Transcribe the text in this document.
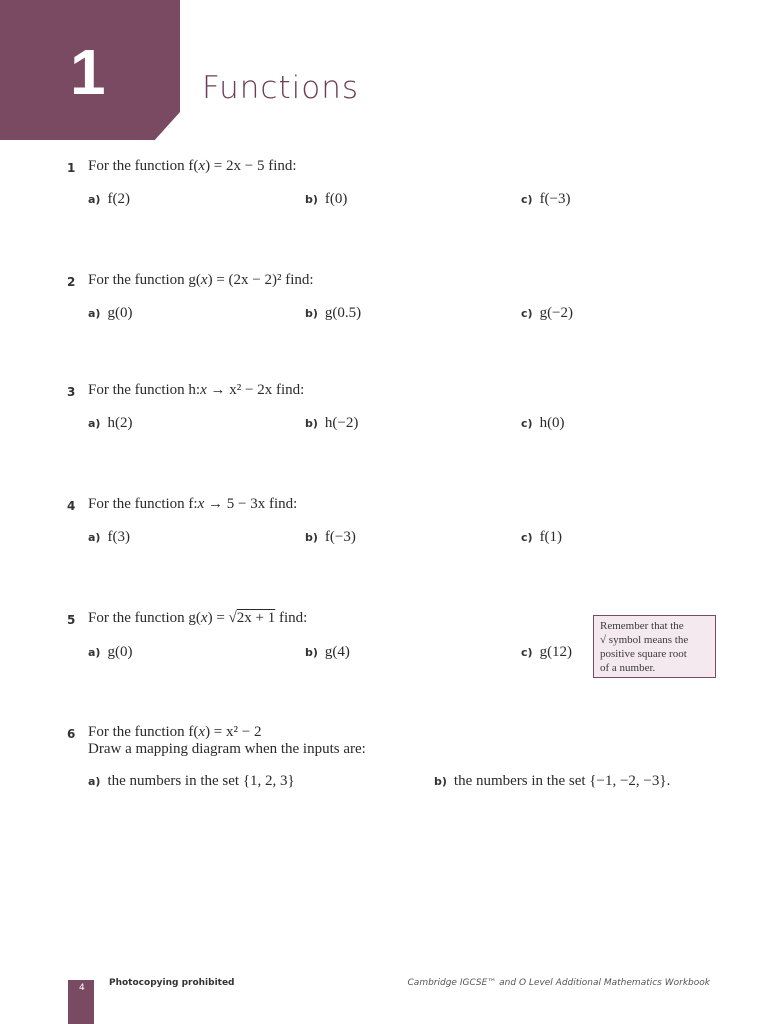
1	Functions
1 For the function f(x) = 2x − 5 find:
a) f(2)	b) f(0)	c) f(−3)
2 For the function g(x) = (2x − 2)² find:
a) g(0)	b) g(0.5)	c) g(−2)
3 For the function h:x → x² − 2x find:
a) h(2)	b) h(−2)	c) h(0)
4 For the function f:x → 5 − 3x find:
a) f(3)	b) f(−3)	c) f(1)
5 For the function g(x) = √2x + 1 find:
a) g(0)	b) g(4)	c) g(12)
Remember that the
√ symbol means the
positive square root
of a number.
6 For the function f(x) = x² − 2
Draw a mapping diagram when the inputs are:
a) the numbers in the set {1, 2, 3}	b) the numbers in the set {−1, −2, −3}.
4	Photocopying prohibited	Cambridge IGCSE™ and O Level Additional Mathematics Workbook
